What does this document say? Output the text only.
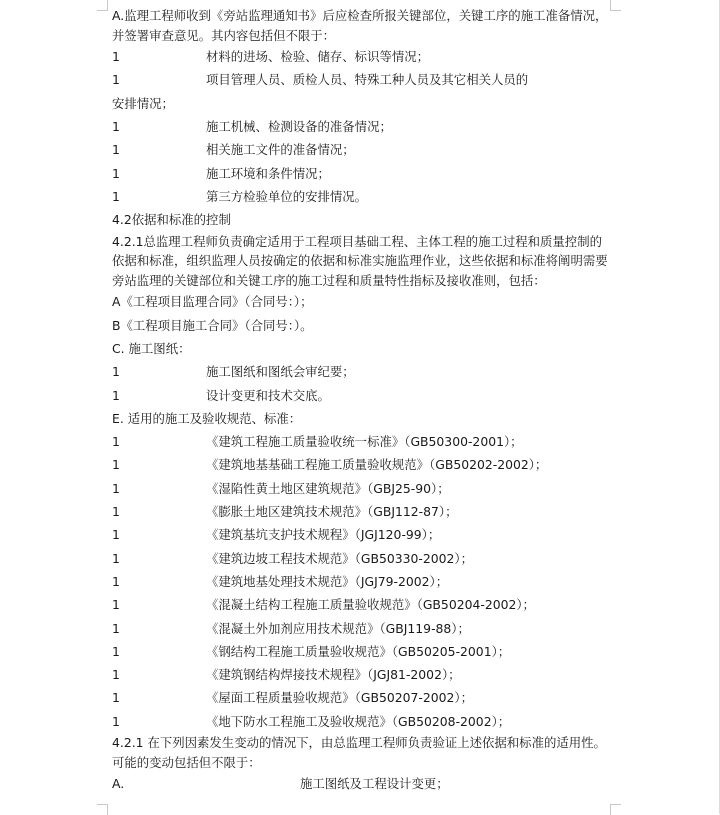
A.监理工程师收到《旁站监理通知书》后应检查所报关键部位，关键工序的施工准备情况，
并签署审查意见。其内容包括但不限于：
1	材料的进场、检验、储存、标识等情况；
1	项目管理人员、质检人员、特殊工种人员及其它相关人员的
安排情况；
1	施工机械、检测设备的准备情况；
1	相关施工文件的准备情况；
1	施工环境和条件情况；
1	第三方检验单位的安排情况。
4.2依据和标准的控制
4.2.1总监理工程师负责确定适用于工程项目基础工程、主体工程的施工过程和质量控制的
依据和标准，组织监理人员按确定的依据和标准实施监理作业，这些依据和标准将阐明需要
旁站监理的关键部位和关键工序的施工过程和质量特性指标及接收准则，包括：
A《工程项目监理合同》（合同号：）；
B《工程项目施工合同》（合同号：）。
C. 施工图纸：
1	施工图纸和图纸会审纪要；
1	设计变更和技术交底。
E. 适用的施工及验收规范、标准：
1	《建筑工程施工质量验收统一标准》（GB50300-2001）；
1	《建筑地基基础工程施工质量验收规范》（GB50202-2002）；
1	《湿陷性黄土地区建筑规范》（GBJ25-90）；
1	《膨胀土地区建筑技术规范》（GBJ112-87）；
1	《建筑基坑支护技术规程》（JGJ120-99）；
1	《建筑边坡工程技术规范》（GB50330-2002）；
1	《建筑地基处理技术规范》（JGJ79-2002）；
1	《混凝土结构工程施工质量验收规范》（GB50204-2002）；
1	《混凝土外加剂应用技术规范》（GBJ119-88）；
1	《钢结构工程施工质量验收规范》（GB50205-2001）；
1	《建筑钢结构焊接技术规程》（JGJ81-2002）；
1	《屋面工程质量验收规范》（GB50207-2002）；
1	《地下防水工程施工及验收规范》（GB50208-2002）；
4.2.1 在下列因素发生变动的情况下，由总监理工程师负责验证上述依据和标准的适用性。
可能的变动包括但不限于：
A.	施工图纸及工程设计变更；
